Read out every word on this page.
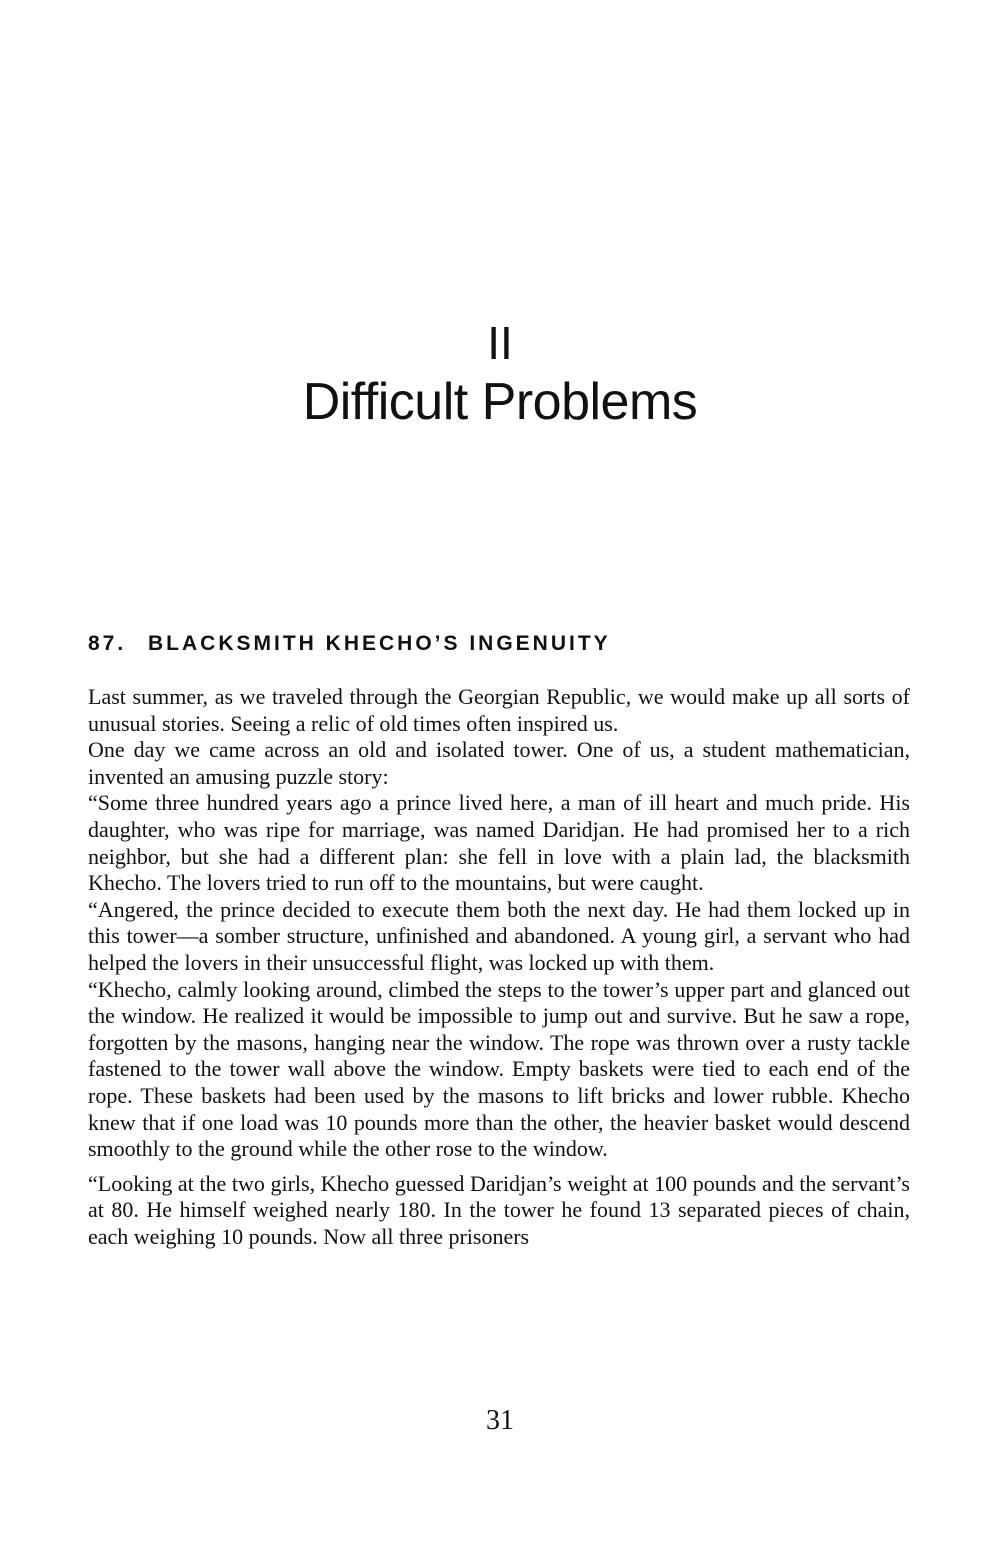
II
Difficult Problems
87. BLACKSMITH KHECHO’S INGENUITY

Last summer, as we traveled through the Georgian Republic, we would make up all sorts of unusual stories. Seeing a relic of old times often inspired us.

One day we came across an old and isolated tower. One of us, a student mathematician, invented an amusing puzzle story:

“Some three hundred years ago a prince lived here, a man of ill heart and much pride. His daughter, who was ripe for marriage, was named Daridjan. He had promised her to a rich neighbor, but she had a different plan: she fell in love with a plain lad, the blacksmith Khecho. The lovers tried to run off to the mountains, but were caught.

“Angered, the prince decided to execute them both the next day. He had them locked up in this tower—a somber structure, unfinished and abandoned. A young girl, a servant who had helped the lovers in their unsuccessful flight, was locked up with them.

“Khecho, calmly looking around, climbed the steps to the tower’s upper part and glanced out the window. He realized it would be impossible to jump out and survive. But he saw a rope, forgotten by the masons, hanging near the window. The rope was thrown over a rusty tackle fastened to the tower wall above the window. Empty baskets were tied to each end of the rope. These baskets had been used by the masons to lift bricks and lower rubble. Khecho knew that if one load was 10 pounds more than the other, the heavier basket would descend smoothly to the ground while the other rose to the window.

“Looking at the two girls, Khecho guessed Daridjan’s weight at 100 pounds and the servant’s at 80. He himself weighed nearly 180. In the tower he found 13 separated pieces of chain, each weighing 10 pounds. Now all three prisoners

31
